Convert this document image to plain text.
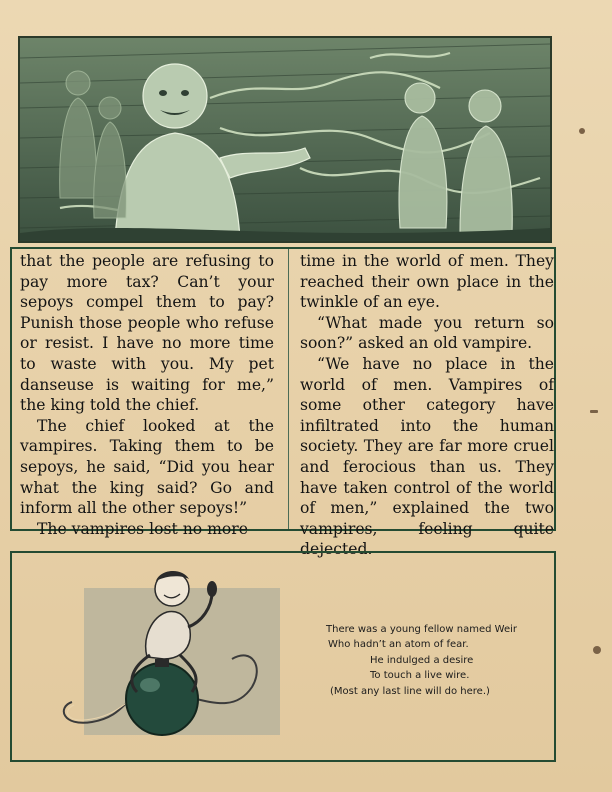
that the people are refusing to pay more tax? Can’t your sepoys compel them to pay? Punish those people who refuse or resist. I have no more time to waste with you. My pet danseuse is waiting for me,” the king told the chief.

The chief looked at the vampires. Taking them to be sepoys, he said, “Did you hear what the king said? Go and inform all the other sepoys!”

The vampires lost no more

time in the world of men. They reached their own place in the twinkle of an eye.

“What made you return so soon?” asked an old vampire.

“We have no place in the world of men. Vampires of some other category have infiltrated into the human society. They are far more cruel and ferocious than us. They have taken control of the world of men,” explained the two vampires, feeling quite dejected.

There was a young fellow named Weir
Who hadn’t an atom of fear.
He indulged a desire
To touch a live wire.
(Most any last line will do here.)
